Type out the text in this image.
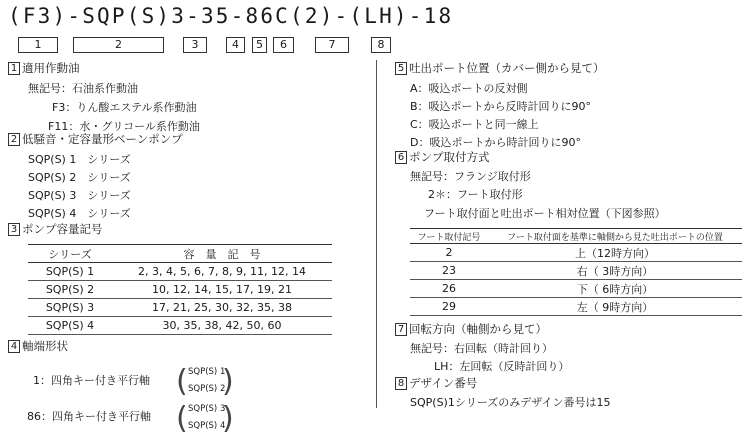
(F3)-SQP(S)3-35-86C(2)-(LH)-18
1	2	3	4	5	6	7	8
1 適用作動油
無記号：石油系作動油
F3：りん酸エステル系作動油
F11：水・グリコール系作動油
2 低騒音・定容量形ベーンポンプ
SQP(S) 1　シリーズ
SQP(S) 2　シリーズ
SQP(S) 3　シリーズ
SQP(S) 4　シリーズ
3 ポンプ容量記号
シリーズ	容　量　記　号
SQP(S) 1	2, 3, 4, 5, 6, 7, 8, 9, 11, 12, 14
SQP(S) 2	10, 12, 14, 15, 17, 19, 21
SQP(S) 3	17, 21, 25, 30, 32, 35, 38
SQP(S) 4	30, 35, 38, 42, 50, 60
4 軸端形状
1：四角キー付き平行軸 ( SQP(S) 1
SQP(S) 2
)
86：四角キー付き平行軸 ( SQP(S) 3
SQP(S) 4
)
5 吐出ポート位置（カバー側から見て）
A：吸込ポートの反対側
B：吸込ポートから反時計回りに90°
C：吸込ポートと同一線上
D：吸込ポートから時計回りに90°
6 ポンプ取付方式
無記号：フランジ取付形
2＊：フート取付形
フート取付面と吐出ポート相対位置（下図参照）
フート取付記号	フート取付面を基準に軸側から見た吐出ポートの位置
2	上（12時方向）
23	右（ 3時方向）
26	下（ 6時方向）
29	左（ 9時方向）
7 回転方向（軸側から見て）
無記号：右回転（時計回り）
LH：左回転（反時計回り）
8 デザイン番号
SQP(S)1シリーズのみデザイン番号は15
